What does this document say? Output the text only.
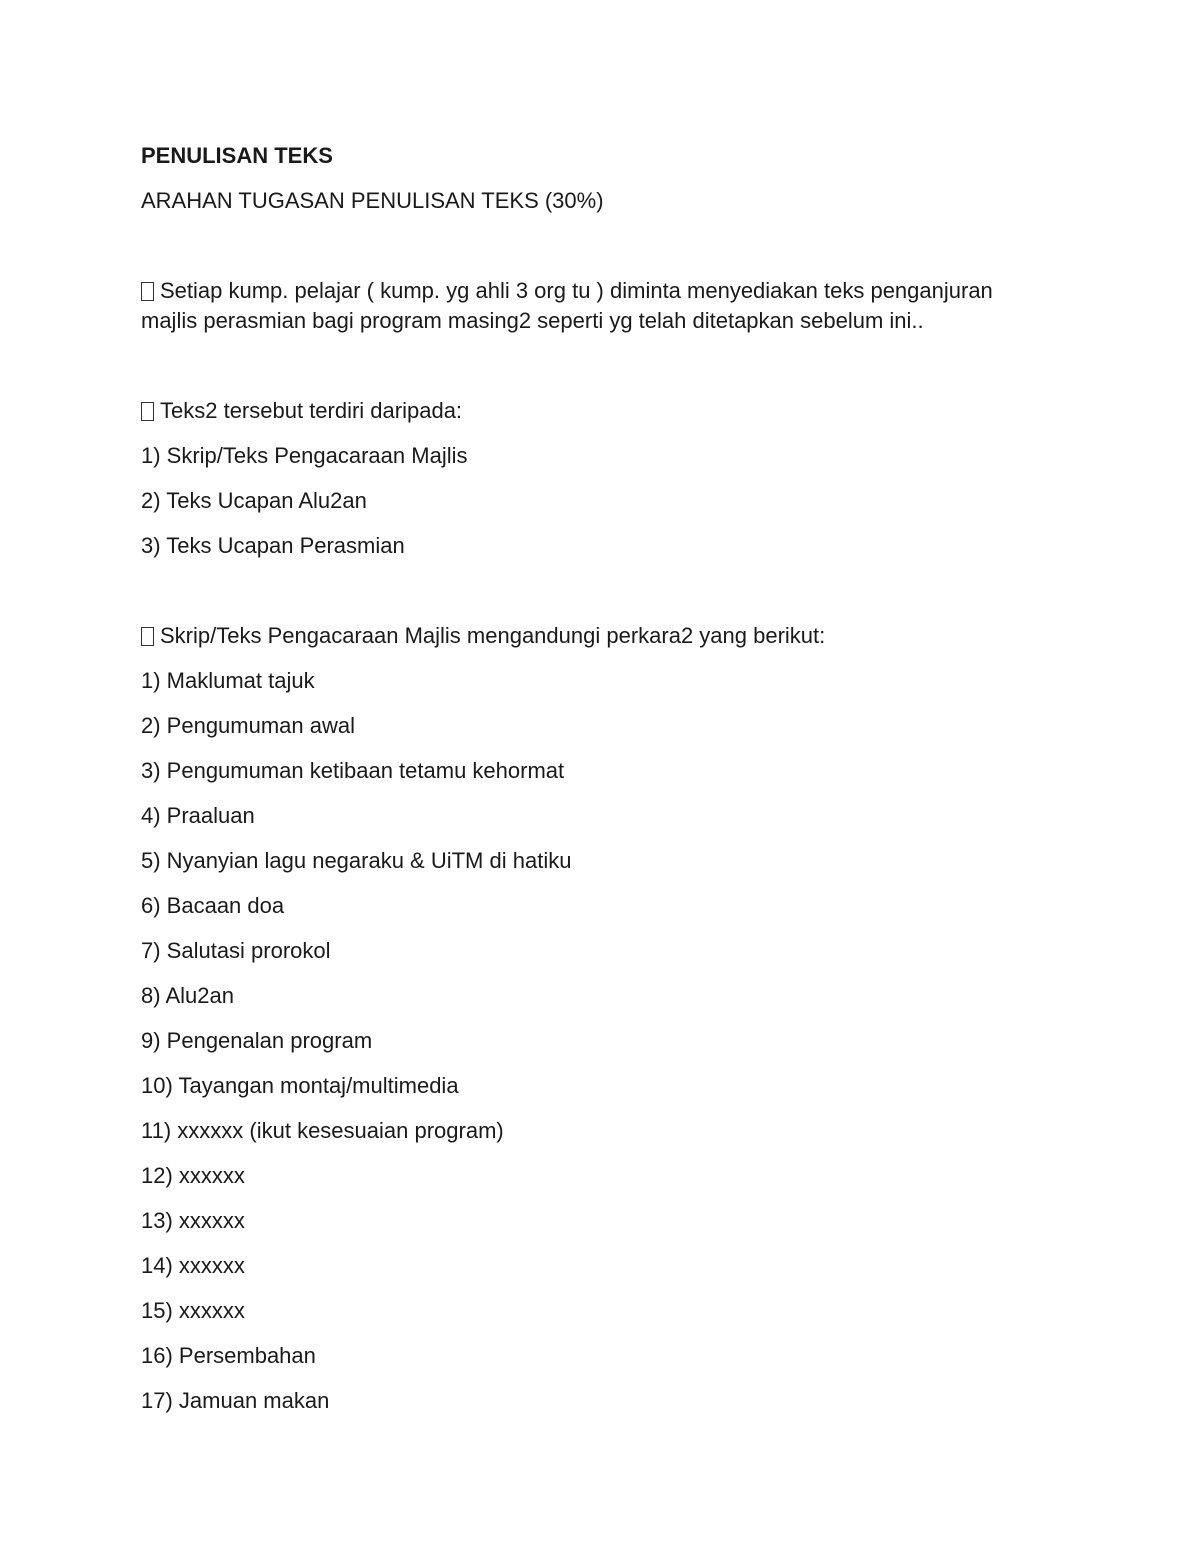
PENULISAN TEKS
ARAHAN TUGASAN PENULISAN TEKS (30%)
Setiap kump. pelajar ( kump. yg ahli 3 org tu ) diminta menyediakan teks penganjuran
majlis perasmian bagi program masing2 seperti yg telah ditetapkan sebelum ini..
Teks2 tersebut terdiri daripada:
1) Skrip/Teks Pengacaraan Majlis
2) Teks Ucapan Alu2an
3) Teks Ucapan Perasmian
Skrip/Teks Pengacaraan Majlis mengandungi perkara2 yang berikut:
1) Maklumat tajuk
2) Pengumuman awal
3) Pengumuman ketibaan tetamu kehormat
4) Praaluan
5) Nyanyian lagu negaraku & UiTM di hatiku
6) Bacaan doa
7) Salutasi prorokol
8) Alu2an
9) Pengenalan program
10) Tayangan montaj/multimedia
11) xxxxxx (ikut kesesuaian program)
12) xxxxxx
13) xxxxxx
14) xxxxxx
15) xxxxxx
16) Persembahan
17) Jamuan makan
